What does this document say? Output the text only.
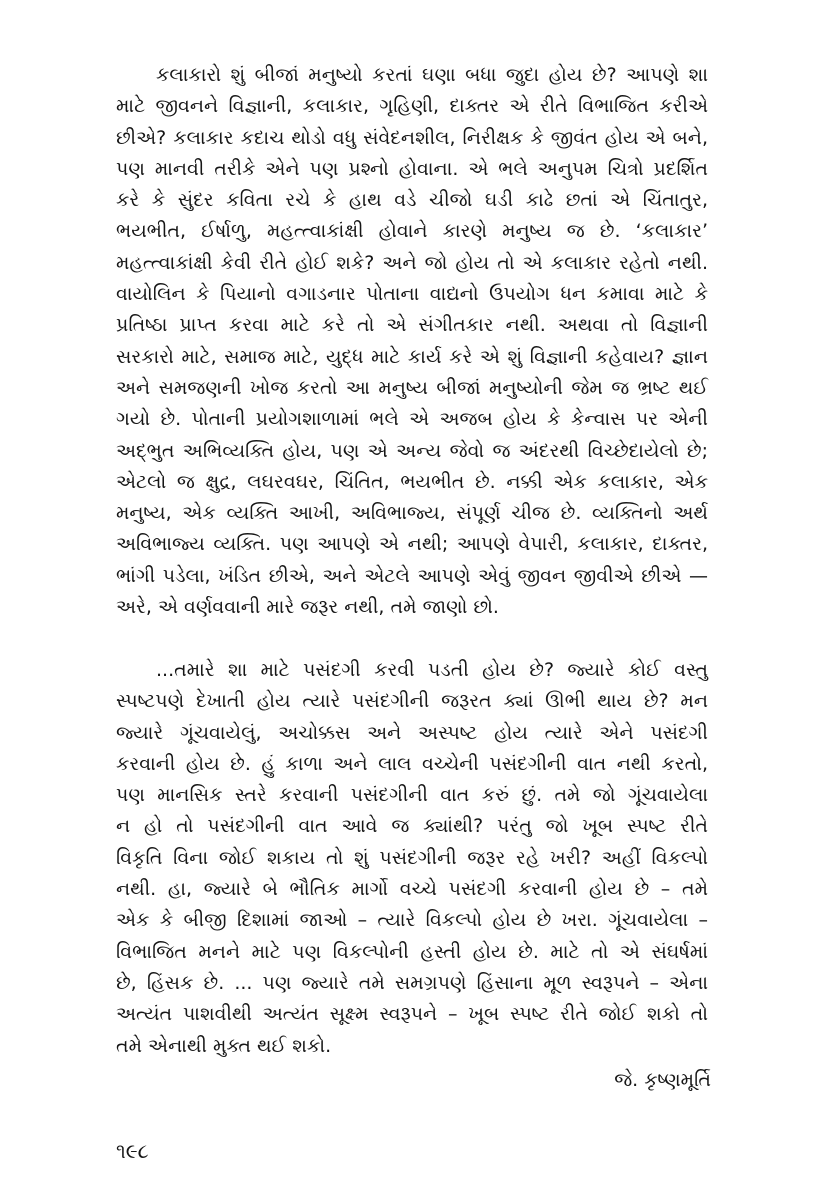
કલાકારો શું બીજાં મનુષ્યો કરતાં ઘણા બધા જુદા હોય છે? આપણે શા
માટે જીવનને વિજ્ઞાની, કલાકાર, ગૃહિણી, દાક્તર એ રીતે વિભાજિત કરીએ
છીએ? કલાકાર કદાચ થોડો વધુ સંવેદનશીલ, નિરીક્ષક કે જીવંત હોય એ બને,
પણ માનવી તરીકે એને પણ પ્રશ્નો હોવાના. એ ભલે અનુપમ ચિત્રો પ્રદર્શિત
કરે કે સુંદર કવિતા રચે કે હાથ વડે ચીજો ઘડી કાઢે છતાં એ ચિંતાતુર,
ભયભીત, ઈર્ષાળુ, મહત્ત્વાકાંક્ષી હોવાને કારણે મનુષ્ય જ છે. ‘કલાકાર’
મહત્ત્વાકાંક્ષી કેવી રીતે હોઈ શકે? અને જો હોય તો એ કલાકાર રહેતો નથી.
વાયોલિન કે પિયાનો વગાડનાર પોતાના વાદ્યનો ઉપયોગ ધન કમાવા માટે કે
પ્રતિષ્ઠા પ્રાપ્ત કરવા માટે કરે તો એ સંગીતકાર નથી. અથવા તો વિજ્ઞાની
સરકારો માટે, સમાજ માટે, યુદ્ધ માટે કાર્ય કરે એ શું વિજ્ઞાની કહેવાય? જ્ઞાન
અને સમજણની ખોજ કરતો આ મનુષ્ય બીજાં મનુષ્યોની જેમ જ ભ્રષ્ટ થઈ
ગયો છે. પોતાની પ્રયોગશાળામાં ભલે એ અજબ હોય કે કેન્વાસ પર એની
અદ્‌ભુત અભિવ્યક્તિ હોય, પણ એ અન્ય જેવો જ અંદરથી વિચ્છેદાયેલો છે;
એટલો જ ક્ષુદ્ર, લઘરવઘર, ચિંતિત, ભયભીત છે. નક્કી એક કલાકાર, એક
મનુષ્ય, એક વ્યક્તિ આખી, અવિભાજ્ય, સંપૂર્ણ ચીજ છે. વ્યક્તિનો અર્થ
અવિભાજ્ય વ્યક્તિ. પણ આપણે એ નથી; આપણે વેપારી, કલાકાર, દાક્તર,
ભાંગી પડેલા, ખંડિત છીએ, અને એટલે આપણે એવું જીવન જીવીએ છીએ —
અરે, એ વર્ણવવાની મારે જરૂર નથી, તમે જાણો છો.
...તમારે શા માટે પસંદગી કરવી પડતી હોય છે? જ્યારે કોઈ વસ્તુ
સ્પષ્ટપણે દેખાતી હોય ત્યારે પસંદગીની જરૂરત ક્યાં ઊભી થાય છે? મન
જ્યારે ગૂંચવાયેલું, અચોક્કસ અને અસ્પષ્ટ હોય ત્યારે એને પસંદગી
કરવાની હોય છે. હું કાળા અને લાલ વચ્ચેની પસંદગીની વાત નથી કરતો,
પણ માનસિક સ્તરે કરવાની પસંદગીની વાત કરું છું. તમે જો ગૂંચવાયેલા
ન હો તો પસંદગીની વાત આવે જ ક્યાંથી? પરંતુ જો ખૂબ સ્પષ્ટ રીતે
વિકૃતિ વિના જોઈ શકાય તો શું પસંદગીની જરૂર રહે ખરી? અહીં વિકલ્પો
નથી. હા, જ્યારે બે ભૌતિક માર્ગો વચ્ચે પસંદગી કરવાની હોય છે – તમે
એક કે બીજી દિશામાં જાઓ – ત્યારે વિકલ્પો હોય છે ખરા. ગૂંચવાયેલા –
વિભાજિત મનને માટે પણ વિકલ્પોની હસ્તી હોય છે. માટે તો એ સંઘર્ષમાં
છે, હિંસક છે. ... પણ જ્યારે તમે સમગ્રપણે હિંસાના મૂળ સ્વરૂપને – એના
અત્યંત પાશવીથી અત્યંત સૂક્ષ્મ સ્વરૂપને – ખૂબ સ્પષ્ટ રીતે જોઈ શકો તો
તમે એનાથી મુક્ત થઈ શકો.
જે. કૃષ્ણમૂર્તિ
૧૯૮
